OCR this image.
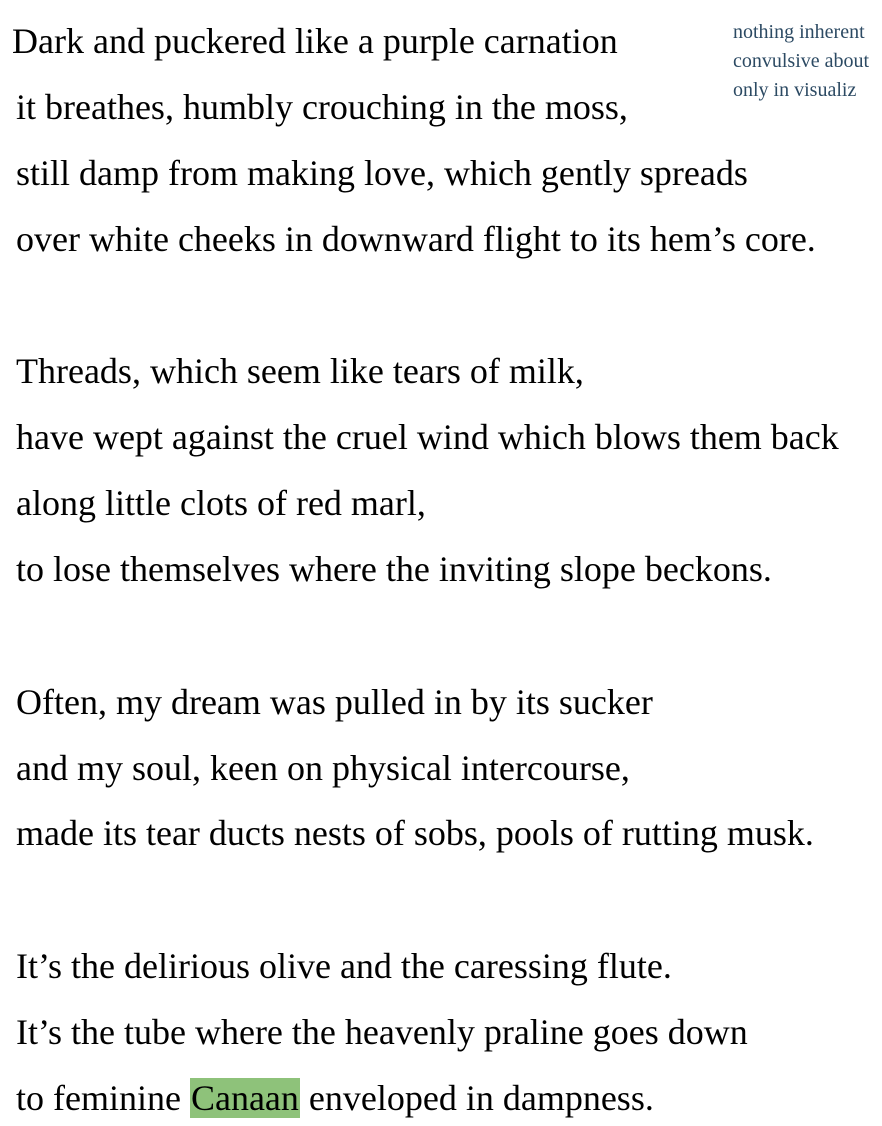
Dark and puckered like a purple carnation
it breathes, humbly crouching in the moss,
still damp from making love, which gently spreads
over white cheeks in downward flight to its hem’s core.
Threads, which seem like tears of milk,
have wept against the cruel wind which blows them back
along little clots of red marl,
to lose themselves where the inviting slope beckons.
Often, my dream was pulled in by its sucker
and my soul, keen on physical intercourse,
made its tear ducts nests of sobs, pools of rutting musk.
It’s the delirious olive and the caressing flute.
It’s the tube where the heavenly praline goes down
to feminine Canaan enveloped in dampness.
nothing inherent
convulsive about
only in visualiz
